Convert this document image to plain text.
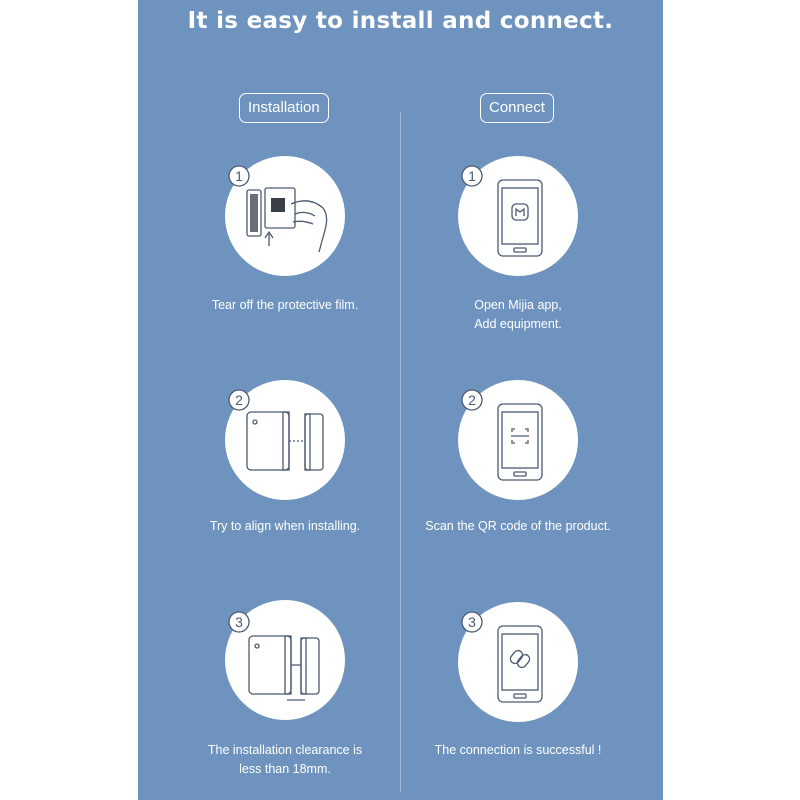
It is easy to install and connect.
Installation	Connect
1
Tear off the protective film.
2
Try to align when installing.
3
The installation clearance is
less than 18mm.
1
Open Mijia app,
Add equipment.
2
Scan the QR code of the product.
3
The connection is successful !
